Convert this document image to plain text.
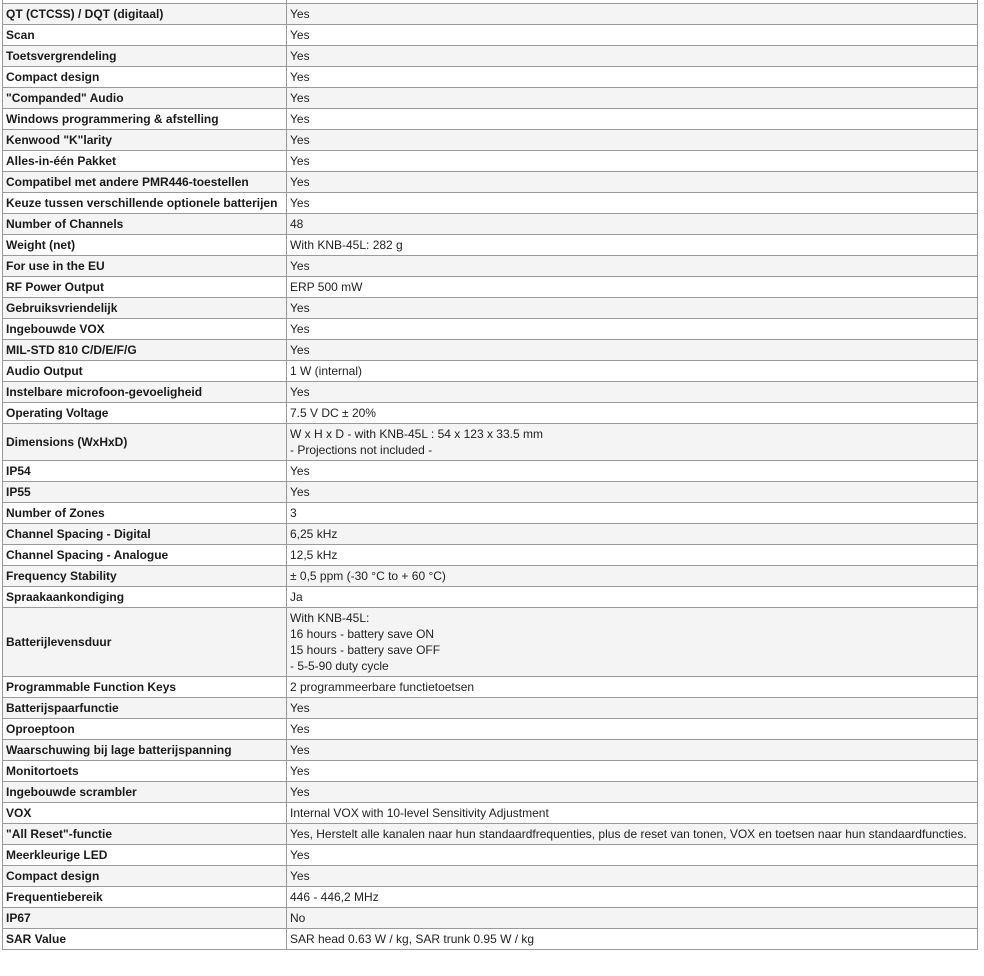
QT (CTCSS) / DQT (digitaal)	Yes
Scan	Yes
Toetsvergrendeling	Yes
Compact design	Yes
"Companded" Audio	Yes
Windows programmering & afstelling	Yes
Kenwood "K"larity	Yes
Alles-in-één Pakket	Yes
Compatibel met andere PMR446-toestellen	Yes
Keuze tussen verschillende optionele batterijen	Yes
Number of Channels	48
Weight (net)	With KNB-45L: 282 g
For use in the EU	Yes
RF Power Output	ERP 500 mW
Gebruiksvriendelijk	Yes
Ingebouwde VOX	Yes
MIL-STD 810 C/D/E/F/G	Yes
Audio Output	1 W (internal)
Instelbare microfoon-gevoeligheid	Yes
Operating Voltage	7.5 V DC ± 20%
Dimensions (WxHxD)	W x H x D - with KNB-45L : 54 x 123 x 33.5 mm
- Projections not included -
IP54	Yes
IP55	Yes
Number of Zones	3
Channel Spacing - Digital	6,25 kHz
Channel Spacing - Analogue	12,5 kHz
Frequency Stability	± 0,5 ppm (-30 °C to + 60 °C)
Spraakaankondiging	Ja
Batterijlevensduur	With KNB-45L:
16 hours - battery save ON
15 hours - battery save OFF
- 5-5-90 duty cycle
Programmable Function Keys	2 programmeerbare functietoetsen
Batterijspaarfunctie	Yes
Oproeptoon	Yes
Waarschuwing bij lage batterijspanning	Yes
Monitortoets	Yes
Ingebouwde scrambler	Yes
VOX	Internal VOX with 10-level Sensitivity Adjustment
"All Reset"-functie	Yes, Herstelt alle kanalen naar hun standaardfrequenties, plus de reset van tonen, VOX en toetsen naar hun standaardfuncties.
Meerkleurige LED	Yes
Compact design	Yes
Frequentiebereik	446 - 446,2 MHz
IP67	No
SAR Value	SAR head 0.63 W / kg, SAR trunk 0.95 W / kg
